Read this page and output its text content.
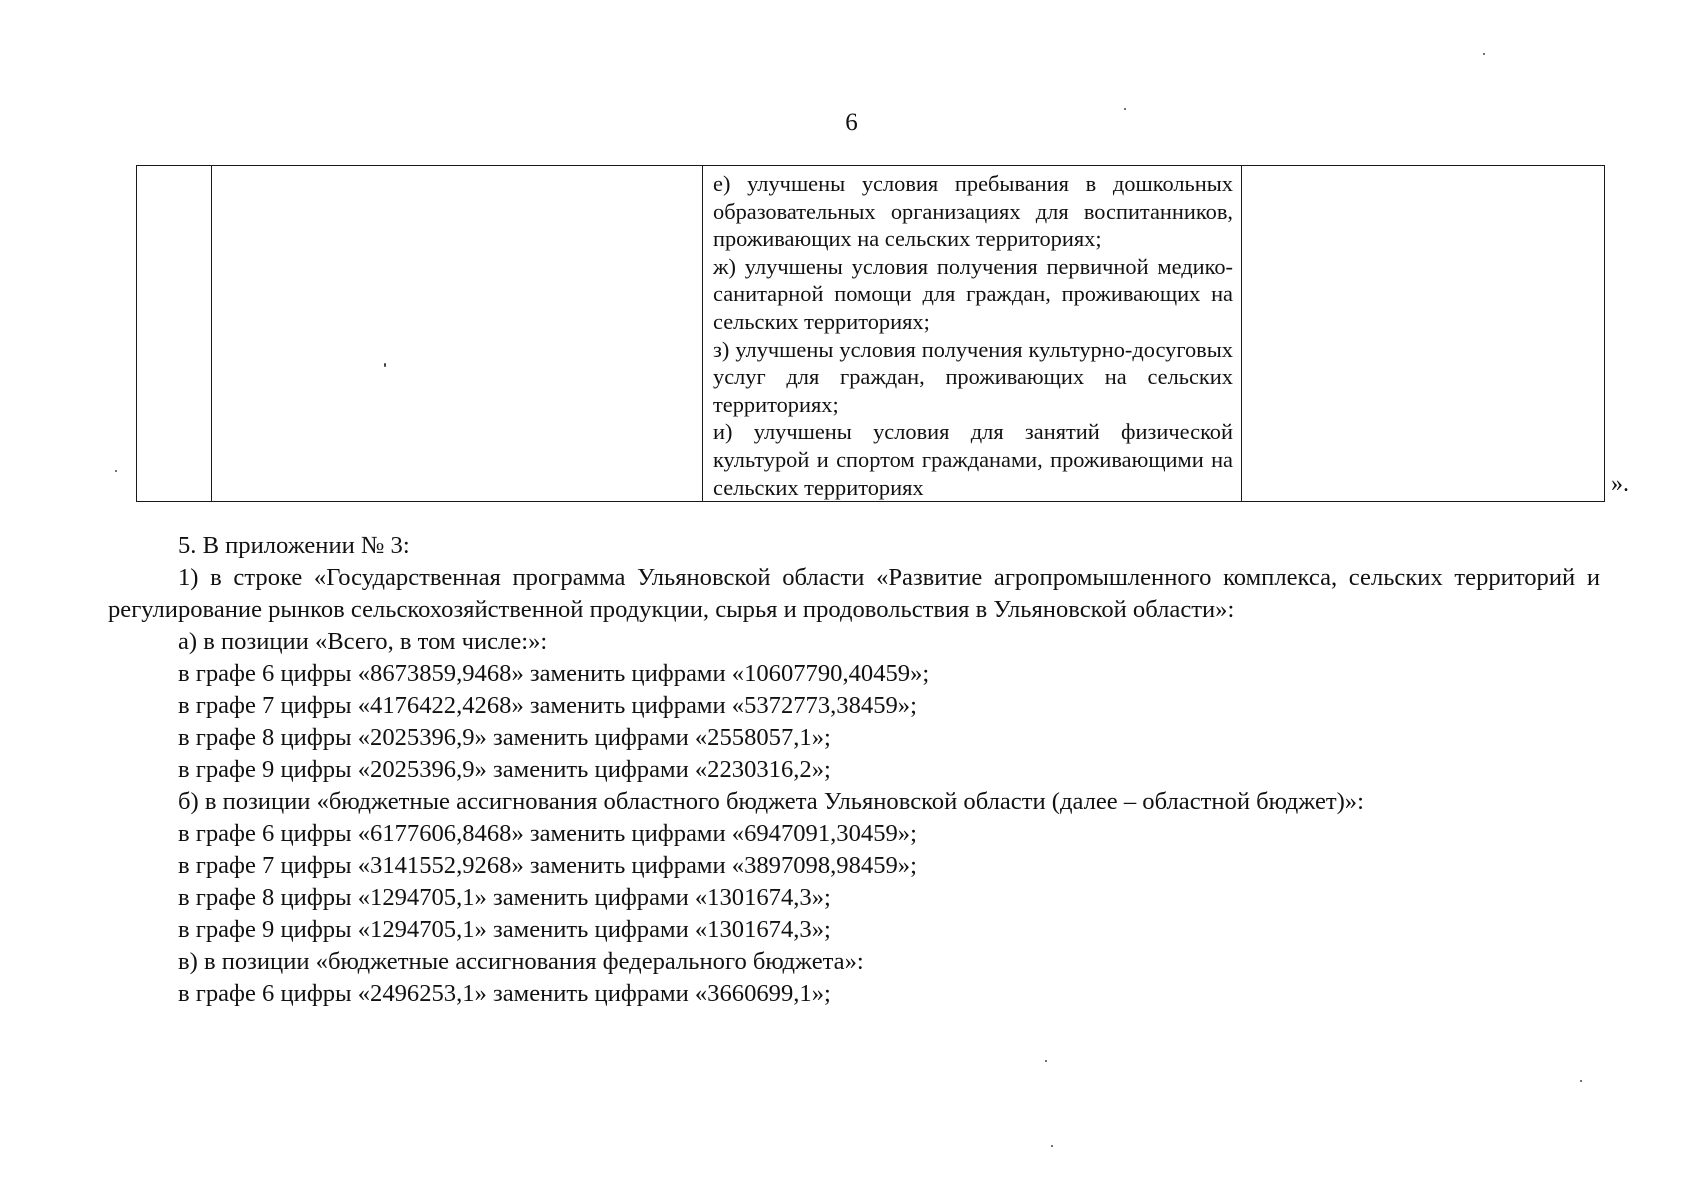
6

е) улучшены условия пребывания в дошкольных образовательных организациях для воспитанников, проживающих на сельских территориях;
ж) улучшены условия получения первичной медико-санитарной помощи для граждан, проживающих на сельских территориях;
з) улучшены условия получения культурно-досуговых услуг для граждан, проживающих на сельских территориях;
и) улучшены условия для занятий физической культурой и спортом гражданами, проживающими на сельских территориях
		».

5. В приложении № 3:

1) в строке «Государственная программа Ульяновской области «Развитие агропромышленного комплекса, сельских территорий и регулирование рынков сельскохозяйственной продукции, сырья и продовольствия в Ульяновской области»:

а) в позиции «Всего, в том числе:»:

в графе 6 цифры «8673859,9468» заменить цифрами «10607790,40459»;

в графе 7 цифры «4176422,4268» заменить цифрами «5372773,38459»;

в графе 8 цифры «2025396,9» заменить цифрами «2558057,1»;

в графе 9 цифры «2025396,9» заменить цифрами «2230316,2»;

б) в позиции «бюджетные ассигнования областного бюджета Ульяновской области (далее – областной бюджет)»:

в графе 6 цифры «6177606,8468» заменить цифрами «6947091,30459»;

в графе 7 цифры «3141552,9268» заменить цифрами «3897098,98459»;

в графе 8 цифры «1294705,1» заменить цифрами «1301674,3»;

в графе 9 цифры «1294705,1» заменить цифрами «1301674,3»;

в) в позиции «бюджетные ассигнования федерального бюджета»:

в графе 6 цифры «2496253,1» заменить цифрами «3660699,1»;
